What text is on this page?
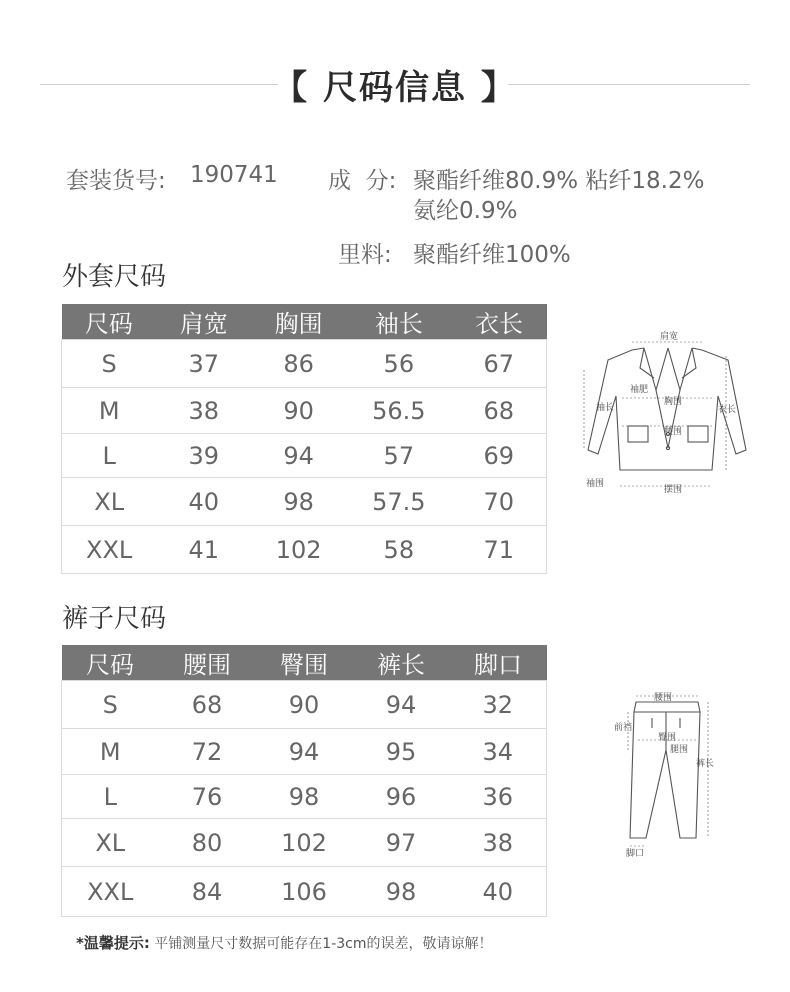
【 尺码信息 】
套装货号: 190741 成  分: 聚酯纤维80.9% 粘纤18.2%
氨纶0.9%
里料: 聚酯纤维100%
外套尺码
尺码	肩宽	胸围	袖长	衣长
S	37	86	56	67
M	38	90	56.5	68
L	39	94	57	69
XL	40	98	57.5	70
XXL	41	102	58	71
肩宽
袖肥
胸围
腰围
袖长	衣长
袖围
摆围
裤子尺码
尺码	腰围	臀围	裤长	脚口
S	68	90	94	32
M	72	94	95	34
L	76	98	96	36
XL	80	102	97	38
XXL	84	106	98	40
腰围
前裆
臀围
腿围
裤长
脚口
*温馨提示: 平铺测量尺寸数据可能存在1-3cm的误差，敬请谅解！
